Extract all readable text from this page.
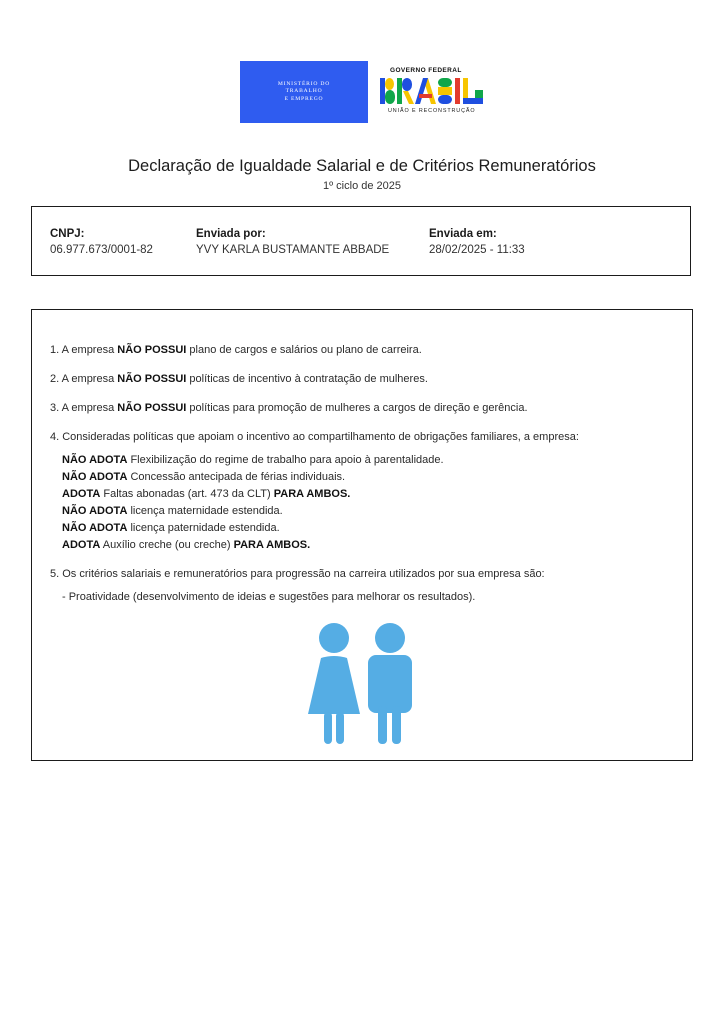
MINISTÉRIO DO
TRABALHO
E EMPREGO
GOVERNO FEDERAL
UNIÃO E RECONSTRUÇÃO
Declaração de Igualdade Salarial e de Critérios Remuneratórios
1º ciclo de 2025
CNPJ:
06.977.673/0001-82
Enviada por:
YVY KARLA BUSTAMANTE ABBADE
Enviada em:
28/02/2025 - 11:33
1. A empresa NÃO POSSUI plano de cargos e salários ou plano de carreira.
2. A empresa NÃO POSSUI políticas de incentivo à contratação de mulheres.
3. A empresa NÃO POSSUI políticas para promoção de mulheres a cargos de direção e gerência.
4. Consideradas políticas que apoiam o incentivo ao compartilhamento de obrigações familiares, a empresa:
NÃO ADOTA Flexibilização do regime de trabalho para apoio à parentalidade.
NÃO ADOTA Concessão antecipada de férias individuais.
ADOTA Faltas abonadas (art. 473 da CLT) PARA AMBOS.
NÃO ADOTA licença maternidade estendida.
NÃO ADOTA licença paternidade estendida.
ADOTA Auxílio creche (ou creche) PARA AMBOS.
5. Os critérios salariais e remuneratórios para progressão na carreira utilizados por sua empresa são:
- Proatividade (desenvolvimento de ideias e sugestões para melhorar os resultados).
